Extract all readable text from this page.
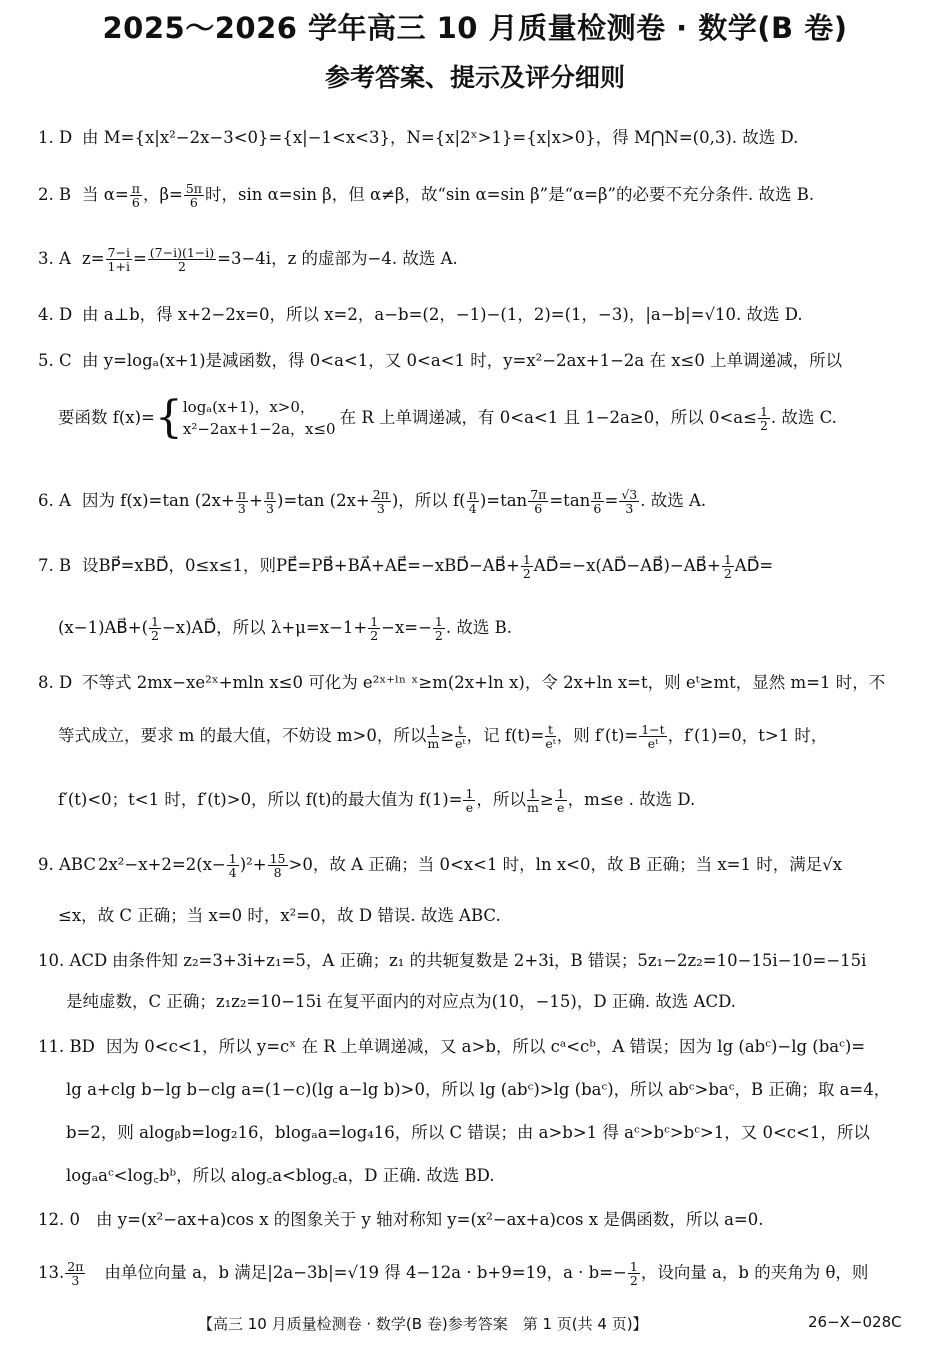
2025～2026 学年高三 10 月质量检测卷 · 数学(B 卷)
参考答案、提示及评分细则
1. D 由 M={x|x²−2x−3<0}={x|−1<x<3}，N={x|2ˣ>1}={x|x>0}，得 M⋂N=(0,3). 故选 D.
2. B 当 $\alpha= \frac{\pi}{6}$ ，$\beta= \frac{5\pi}{6}$ 时，sin α=sin β，但 α≠β，故“sin α=sin β”是“α=β”的必要不充分条件. 故选 B.
3. A $z= \frac{7-i}{1+i} = \frac{(7-i)(1-i)}{2} =3-4i$，z 的虚部为−4. 故选 A.
4. D 由 a⊥b，得 x+2−2x=0，所以 x=2，a−b=(2，−1)−(1，2)=(1，−3)，|a−b|=√10. 故选 D.
5. C 由 y=logₐ(x+1)是减函数，得 0<a<1，又 0<a<1 时，y=x²−2ax+1−2a 在 x≤0 上单调递减，所以
要函数 f(x)={ logₐ(x+1)，x>0，
x²−2ax+1−2a，x≤0
在 R 上单调递减，有 0<a<1 且 1−2a≥0，所以 $0<a\le \frac{1}{2}$ . 故选 C.
6. A 因为 f(x)=tan $(2x+ \frac{\pi}{3} + \frac{\pi}{3} )=\tan$ ($2x+ \frac{2\pi}{3}$ )，所以 $f( \frac{\pi}{4} )=\tan \frac{7\pi}{6} =\tan \frac{\pi}{6} = \frac{√3}{3}$ . 故选 A.
7. B 设BP⃗=xBD⃗，0≤x≤1，则PE⃗=PB⃗+BA⃗+AE⃗=−xBD⃗−AB⃗+ $\frac{1}{2}$ AD⃗=−x(AD⃗−AB⃗)−AB⃗+ $\frac{1}{2}$ AD⃗=
(x−1)AB⃗+( $\frac{1}{2}$ −x)AD⃗，所以 $\lambda+\mu=x-1+ \frac{1}{2} -x=- \frac{1}{2}$ . 故选 B.
8. D 不等式 2mx−xe²ˣ+mln x≤0 可化为 e²ˣ⁺ˡⁿ ˣ≥m(2x+ln x)，令 2x+ln x=t，则 eᵗ≥mt，显然 m=1 时，不
等式成立，要求 m 的最大值，不妨设 m>0，所以 $\frac{1}{m} \ge \frac{t}{\text{eᵗ}}$ ，记 $f(t)= \frac{t}{\text{eᵗ}}$ ，则 $f'(t)= \frac{1-t}{\text{eᵗ}}$ ，f′(1)=0，t>1 时，
f′(t)<0；t<1 时，f′(t)>0，所以 f(t)的最大值为 $f(1)= \frac{1}{e}$ ，所以 $\frac{1}{m} \ge \frac{1}{e}$ ，m≤e . 故选 D.
9. ABC $2x^2-x+2=2(x- \frac{1}{4} )^2+ \frac{15}{8} >0$，故 A 正确；当 0<x<1 时，ln x<0，故 B 正确；当 x=1 时，满足√x
≤x，故 C 正确；当 x=0 时，x²=0，故 D 错误. 故选 ABC.
10. ACD 由条件知 z₂=3+3i+z₁=5，A 正确；z₁ 的共轭复数是 2+3i，B 错误；5z₁−2z₂=10−15i−10=−15i
是纯虚数，C 正确；z₁z₂=10−15i 在复平面内的对应点为(10，−15)，D 正确. 故选 ACD.
11. BD 因为 0<c<1，所以 y=cˣ 在 R 上单调递减，又 a>b，所以 cᵃ<cᵇ，A 错误；因为 lg (abᶜ)−lg (baᶜ)=
lg a+clg b−lg b−clg a=(1−c)(lg a−lg b)>0，所以 lg (abᶜ)>lg (baᶜ)，所以 abᶜ>baᶜ，B 正确；取 a=4，
b=2，则 alogᵦb=log₂16，blogₐa=log₄16，所以 C 错误；由 a>b>1 得 aᶜ>bᶜ>bᶜ>1，又 0<c<1，所以
logₐaᶜ<log꜀bᵇ，所以 alog꜀a<blog꜀a，D 正确. 故选 BD.
12. 0 由 y=(x²−ax+a)cos x 的图象关于 y 轴对称知 y=(x²−ax+a)cos x 是偶函数，所以 a=0.
13. $\frac{2\pi}{3}$ 由单位向量 a，b 满足|2a−3b|=√19 得 4−12a · b+9=19，$a \cdot b=- \frac{1}{2}$ ，设向量 a，b 的夹角为 θ，则
【高三 10 月质量检测卷 · 数学(B 卷)参考答案　第 1 页(共 4 页)】	26−X−028C
